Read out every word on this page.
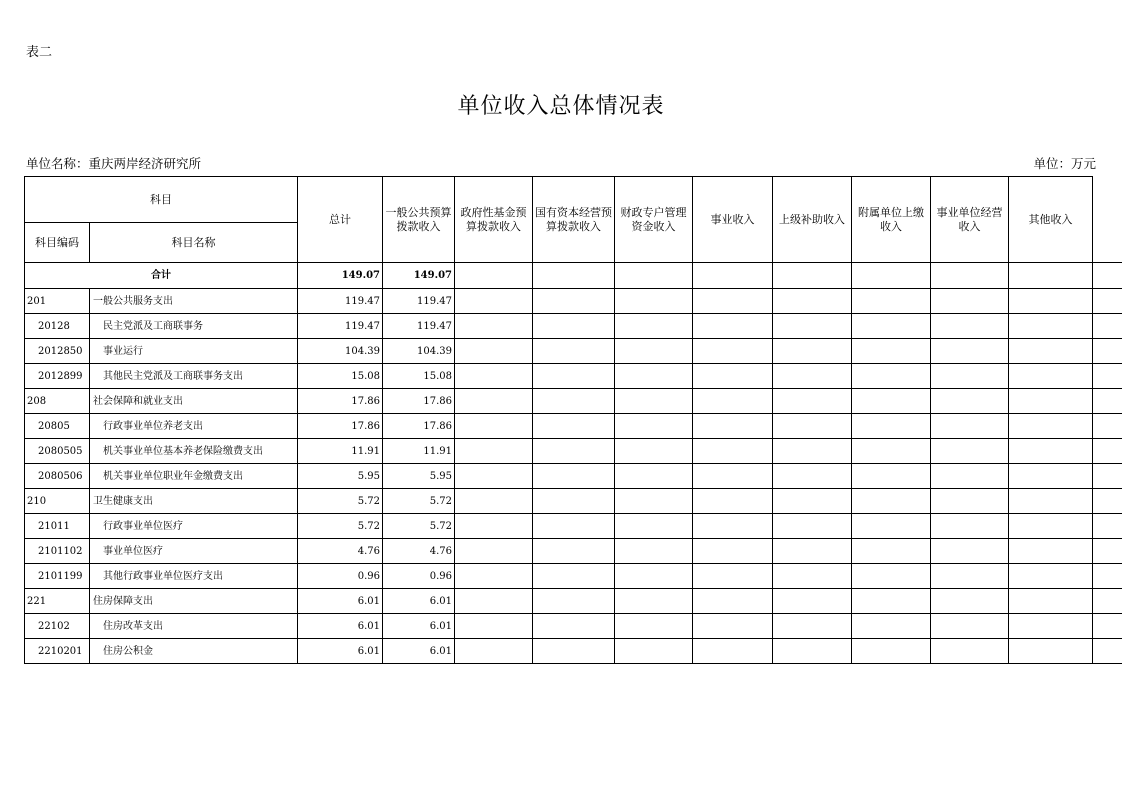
表二
单位收入总体情况表
单位名称：重庆两岸经济研究所	单位：万元
科目		总计	一般公共预算拨款收入	政府性基金预算拨款收入	国有资本经营预算拨款收入	财政专户管理资金收入	事业收入	上级补助收入	附属单位上缴收入	事业单位经营收入	其他收入	
科目编码	科目名称											
合计		149.07	149.07									
201	一般公共服务支出	119.47	119.47									
20128	民主党派及工商联事务	119.47	119.47									
2012850	事业运行	104.39	104.39									
2012899	其他民主党派及工商联事务支出	15.08	15.08									
208	社会保障和就业支出	17.86	17.86									
20805	行政事业单位养老支出	17.86	17.86									
2080505	机关事业单位基本养老保险缴费支出	11.91	11.91									
2080506	机关事业单位职业年金缴费支出	5.95	5.95									
210	卫生健康支出	5.72	5.72									
21011	行政事业单位医疗	5.72	5.72									
2101102	事业单位医疗	4.76	4.76									
2101199	其他行政事业单位医疗支出	0.96	0.96									
221	住房保障支出	6.01	6.01									
22102	住房改革支出	6.01	6.01									
2210201	住房公积金	6.01	6.01									
